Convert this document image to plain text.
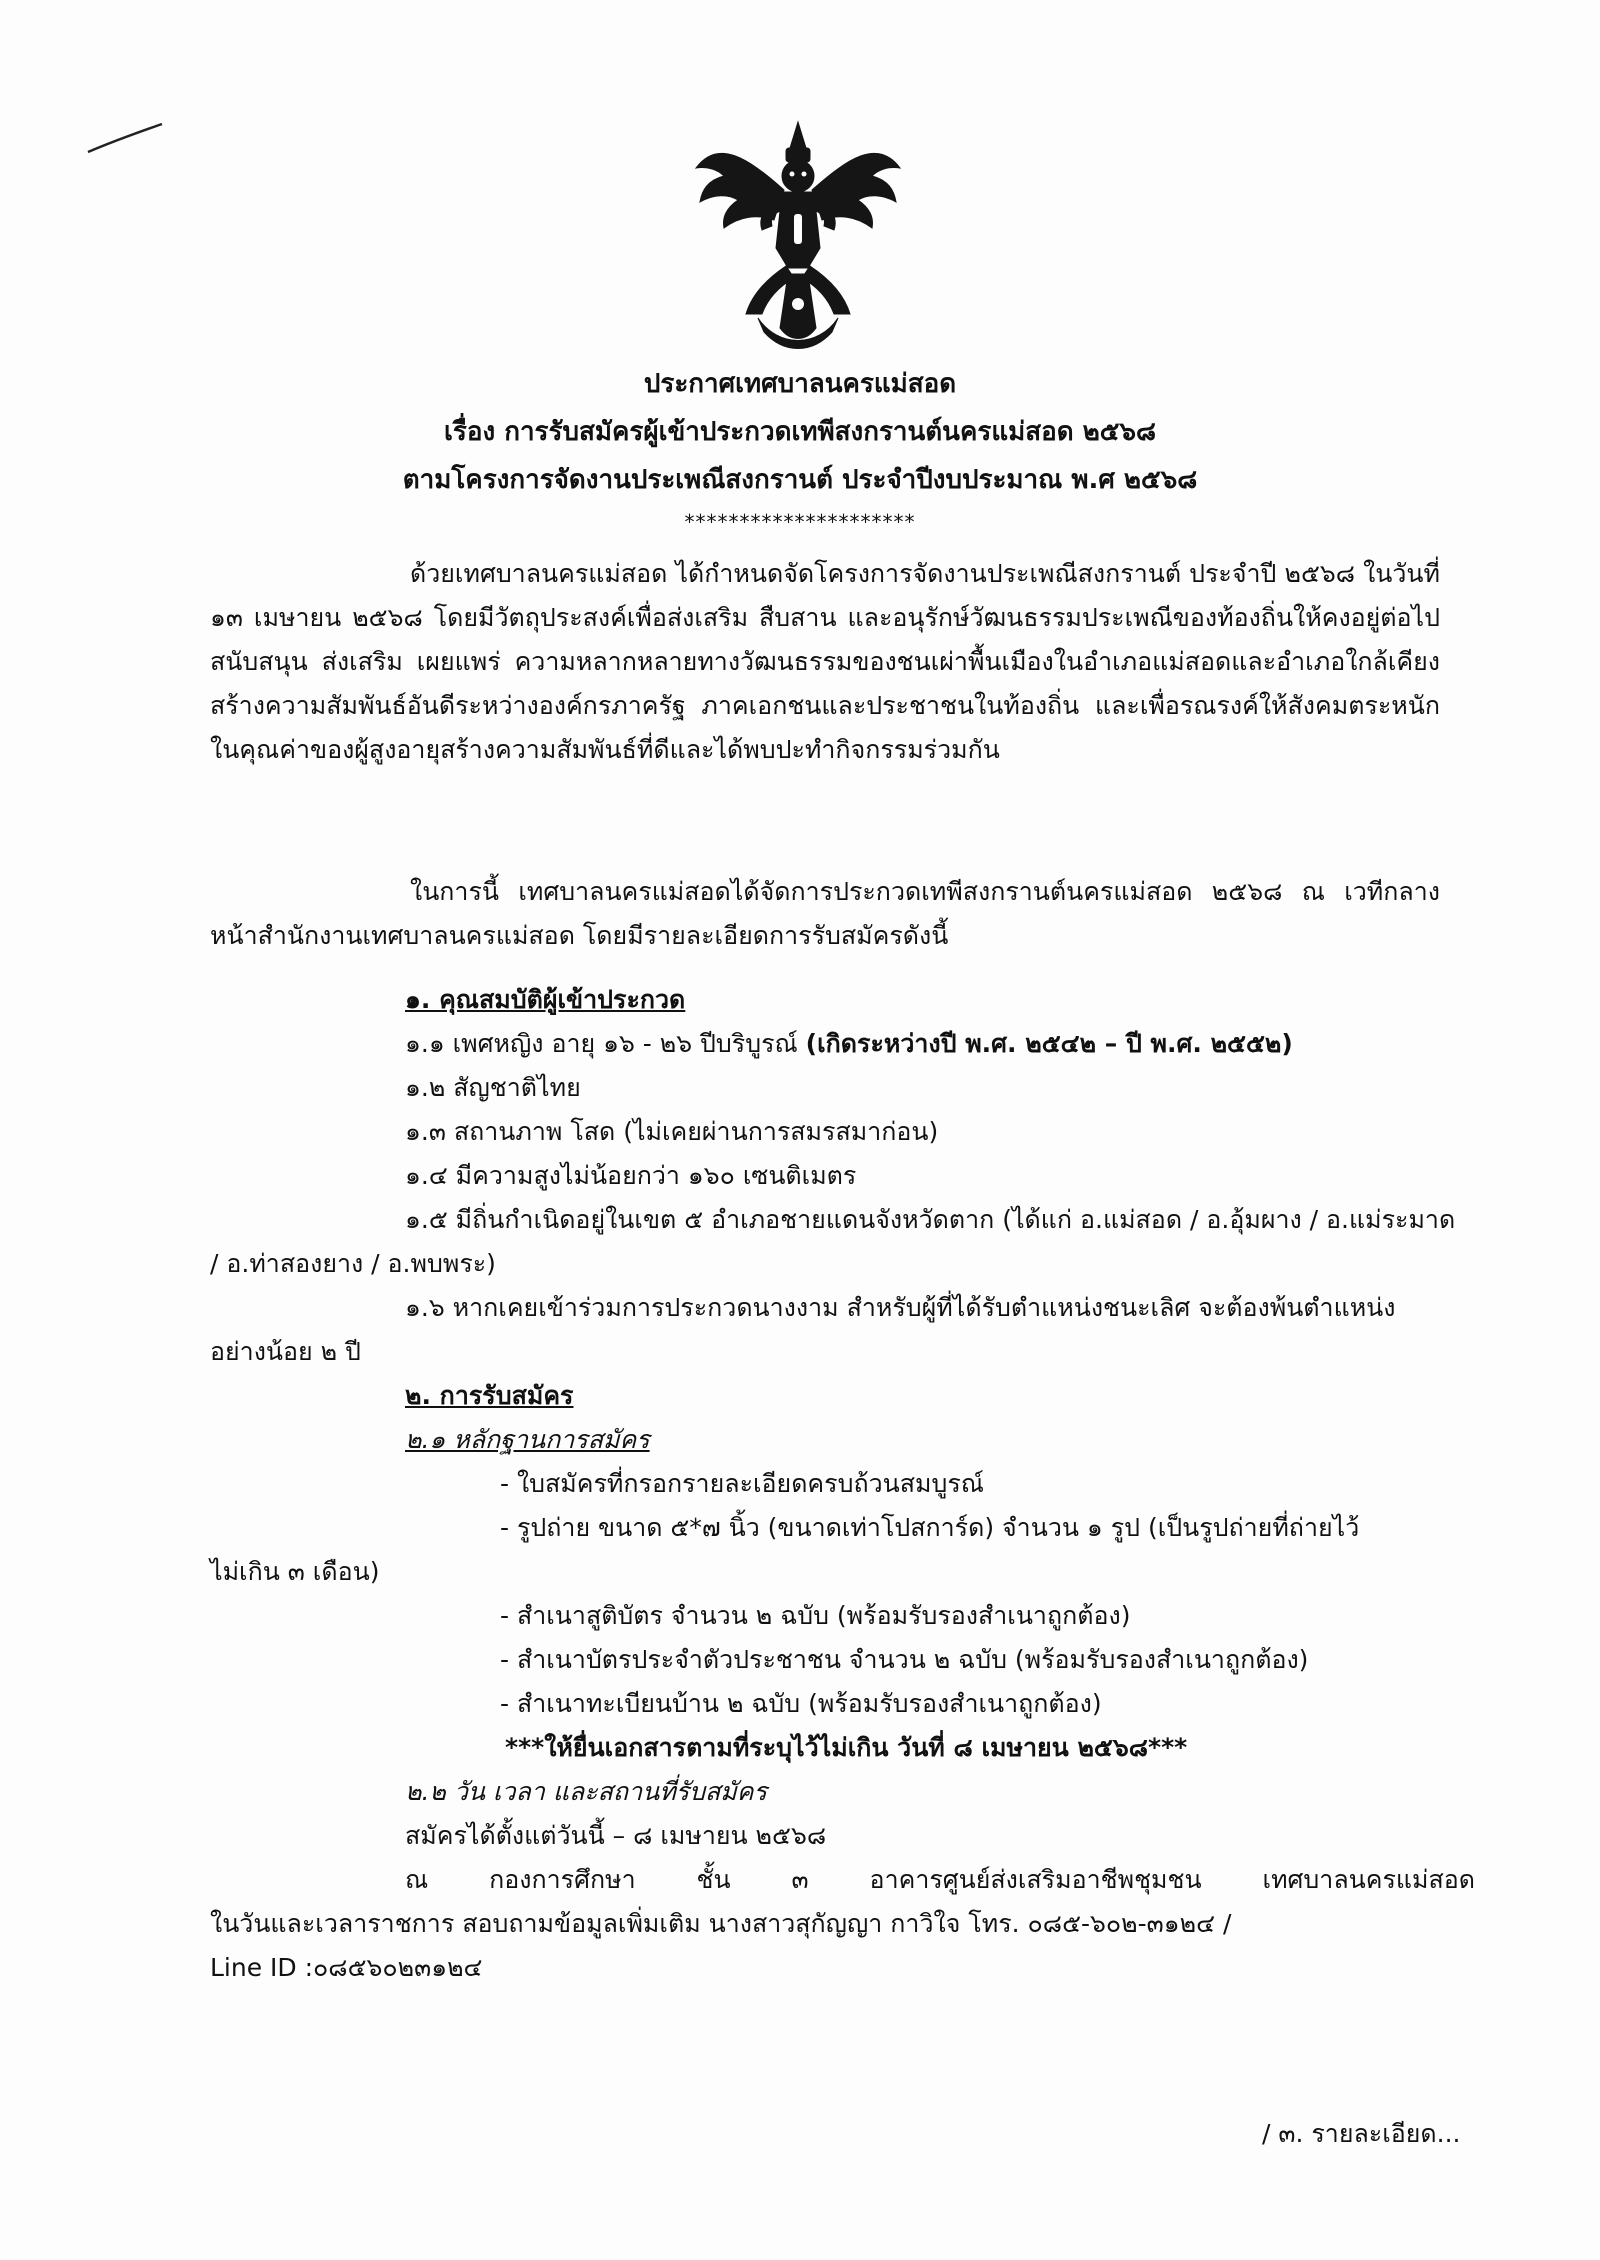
ประกาศเทศบาลนครแม่สอด
เรื่อง การรับสมัครผู้เข้าประกวดเทพีสงกรานต์นครแม่สอด ๒๕๖๘
ตามโครงการจัดงานประเพณีสงกรานต์ ประจำปีงบประมาณ พ.ศ ๒๕๖๘
*********************
ด้วยเทศบาลนครแม่สอด ได้กำหนดจัดโครงการจัดงานประเพณีสงกรานต์ ประจำปี ๒๕๖๘ ในวันที่ ๑๓ เมษายน ๒๕๖๘ โดยมีวัตถุประสงค์เพื่อส่งเสริม สืบสาน และอนุรักษ์วัฒนธรรมประเพณีของท้องถิ่นให้คงอยู่ต่อไป สนับสนุน ส่งเสริม เผยแพร่ ความหลากหลายทางวัฒนธรรมของชนเผ่าพื้นเมืองในอำเภอแม่สอดและอำเภอใกล้เคียง สร้างความสัมพันธ์อันดีระหว่างองค์กรภาครัฐ ภาคเอกชนและประชาชนในท้องถิ่น และเพื่อรณรงค์ให้สังคมตระหนักในคุณค่าของผู้สูงอายุสร้างความสัมพันธ์ที่ดีและได้พบปะทำกิจกรรมร่วมกัน
ในการนี้ เทศบาลนครแม่สอดได้จัดการประกวดเทพีสงกรานต์นครแม่สอด ๒๕๖๘ ณ เวทีกลางหน้าสำนักงานเทศบาลนครแม่สอด โดยมีรายละเอียดการรับสมัครดังนี้
๑. คุณสมบัติผู้เข้าประกวด
๑.๑ เพศหญิง อายุ ๑๖ - ๒๖ ปีบริบูรณ์ (เกิดระหว่างปี พ.ศ. ๒๕๔๒ – ปี พ.ศ. ๒๕๕๒)
๑.๒ สัญชาติไทย
๑.๓ สถานภาพ โสด (ไม่เคยผ่านการสมรสมาก่อน)
๑.๔ มีความสูงไม่น้อยกว่า ๑๖๐ เซนติเมตร
๑.๕ มีถิ่นกำเนิดอยู่ในเขต ๕ อำเภอชายแดนจังหวัดตาก (ได้แก่ อ.แม่สอด / อ.อุ้มผาง / อ.แม่ระมาด
/ อ.ท่าสองยาง / อ.พบพระ)
๑.๖ หากเคยเข้าร่วมการประกวดนางงาม สำหรับผู้ที่ได้รับตำแหน่งชนะเลิศ จะต้องพ้นตำแหน่ง
อย่างน้อย ๒ ปี
๒. การรับสมัคร
๒.๑ หลักฐานการสมัคร
- ใบสมัครที่กรอกรายละเอียดครบถ้วนสมบูรณ์
- รูปถ่าย ขนาด ๕*๗ นิ้ว (ขนาดเท่าโปสการ์ด) จำนวน ๑ รูป (เป็นรูปถ่ายที่ถ่ายไว้
ไม่เกิน ๓ เดือน)
- สำเนาสูติบัตร จำนวน ๒ ฉบับ (พร้อมรับรองสำเนาถูกต้อง)
- สำเนาบัตรประจำตัวประชาชน จำนวน ๒ ฉบับ (พร้อมรับรองสำเนาถูกต้อง)
- สำเนาทะเบียนบ้าน ๒ ฉบับ (พร้อมรับรองสำเนาถูกต้อง)
***ให้ยื่นเอกสารตามที่ระบุไว้ไม่เกิน วันที่ ๘ เมษายน ๒๕๖๘***
๒.๒ วัน เวลา และสถานที่รับสมัคร
สมัครได้ตั้งแต่วันนี้ – ๘ เมษายน ๒๕๖๘
ณ กองการศึกษา ชั้น ๓ อาคารศูนย์ส่งเสริมอาชีพชุมชน เทศบาลนครแม่สอด
ในวันและเวลาราชการ สอบถามข้อมูลเพิ่มเติม นางสาวสุกัญญา กาวิใจ โทร. ๐๘๕-๖๐๒-๓๑๒๔ /
Line ID :๐๘๕๖๐๒๓๑๒๔
/ ๓. รายละเอียด...
